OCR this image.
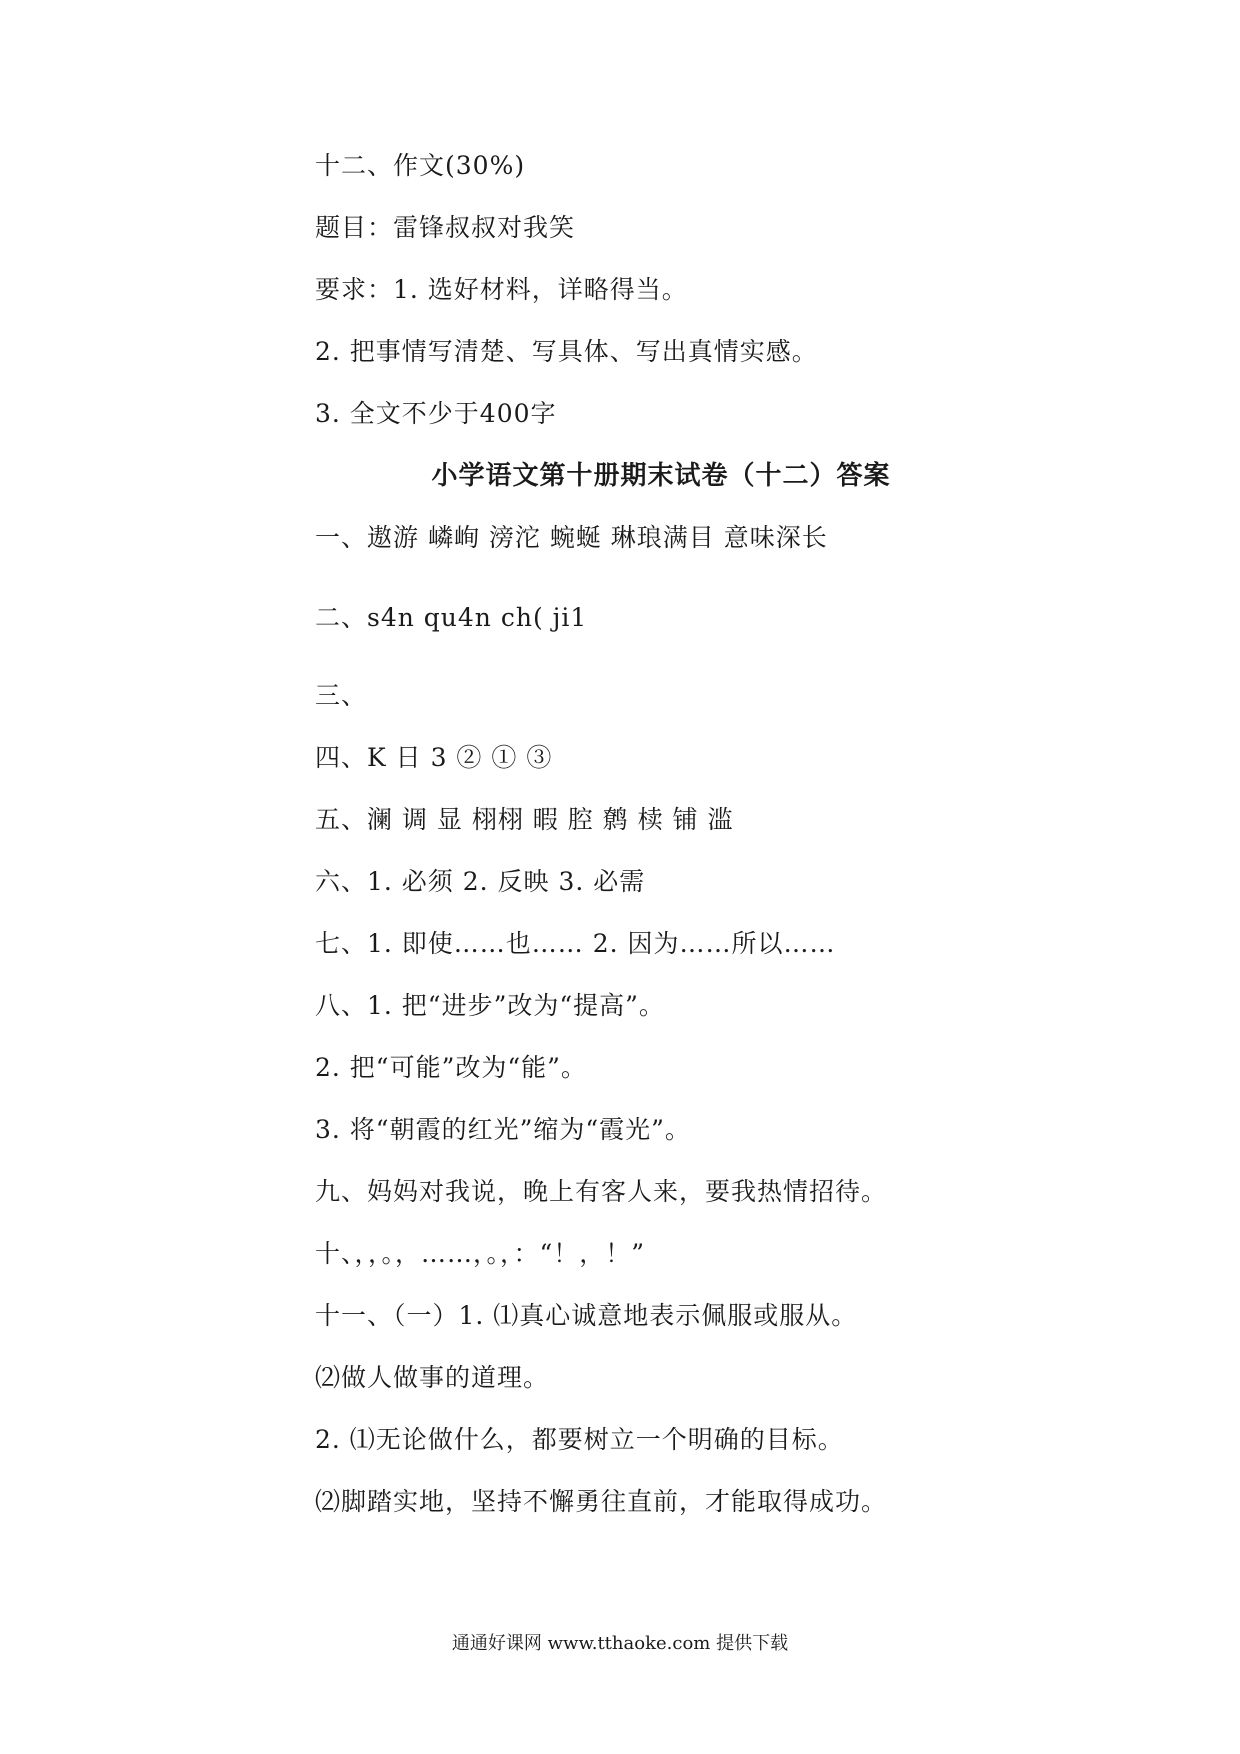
十二、作文(30%)
题目：雷锋叔叔对我笑
要求：1. 选好材料，详略得当。
2. 把事情写清楚、写具体、写出真情实感。
3. 全文不少于400字
小学语文第十册期末试卷（十二）答案
一、遨游 嶙峋 滂沱 蜿蜒 琳琅满目 意味深长
二、s4n qu4n ch( ji1
三、
四、K 日 3 ② ① ③
五、澜 调 显 栩栩 暇 腔 鹩 椟 铺 滥
六、1. 必须 2. 反映 3. 必需
七、1. 即使……也…… 2. 因为……所以……
八、1. 把“进步”改为“提高”。
2. 把“可能”改为“能”。
3. 将“朝霞的红光”缩为“霞光”。
九、妈妈对我说，晚上有客人来，要我热情招待。
十、，，。，……，。，：“！，！”
十一、（一）1. ⑴真心诚意地表示佩服或服从。
⑵做人做事的道理。
2. ⑴无论做什么，都要树立一个明确的目标。
⑵脚踏实地，坚持不懈勇往直前，才能取得成功。
通通好课网 www.tthaoke.com 提供下载
